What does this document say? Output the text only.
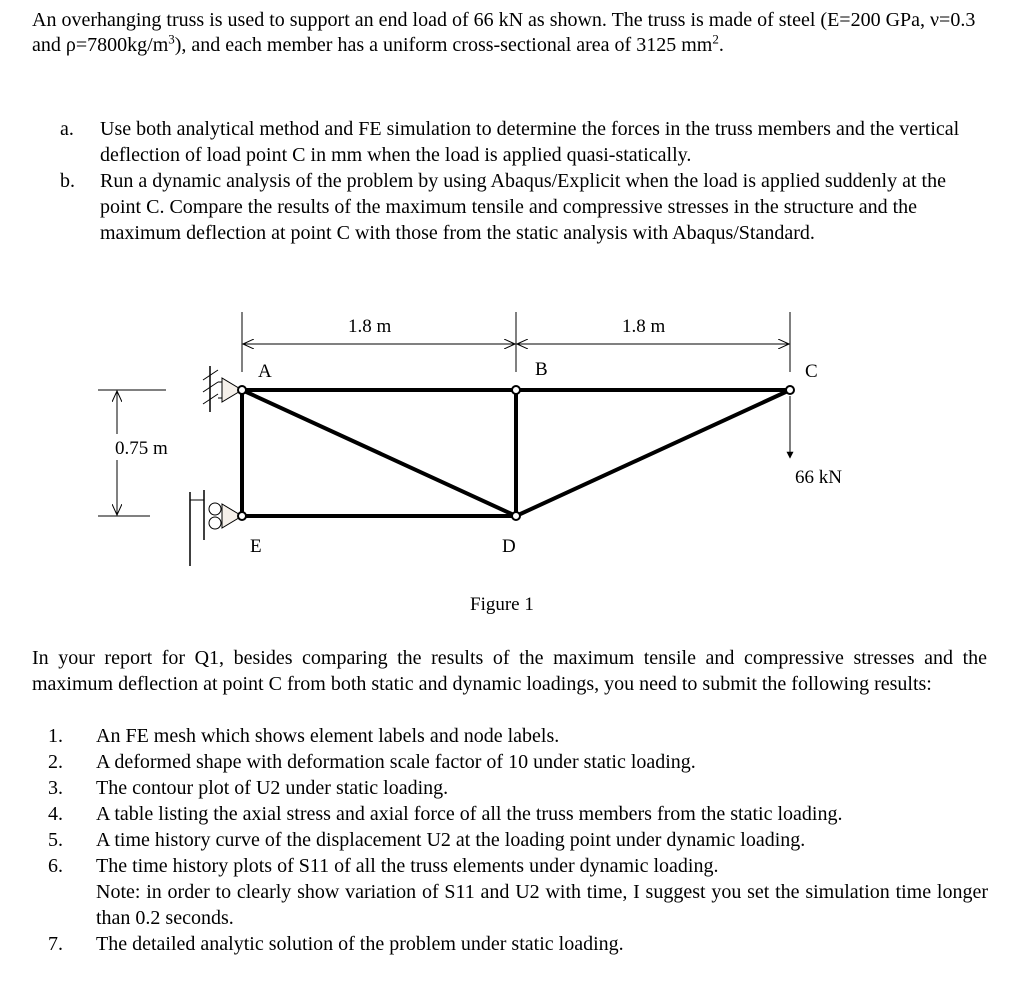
An overhanging truss is used to support an end load of 66 kN as shown. The truss is made of steel (E=200 GPa, ν=0.3 and $\rho=7800kg/m^3$), and each member has a uniform cross-sectional area of 3125 $mm^2$.
a.	Use both analytical method and FE simulation to determine the forces in the truss members and the vertical deflection of load point C in mm when the load is applied quasi-statically.
b.	Run a dynamic analysis of the problem by using Abaqus/Explicit when the load is applied suddenly at the point C. Compare the results of the maximum tensile and compressive stresses in the structure and the maximum deflection at point C with those from the static analysis with Abaqus/Standard.
1.8 m	1.8 m
0.75 m
A	B	C
D
E
66 kN
Figure 1
In your report for Q1, besides comparing the results of the maximum tensile and compressive stresses and the maximum deflection at point C from both static and dynamic loadings, you need to submit the following results:
1.	An FE mesh which shows element labels and node labels.
2.	A deformed shape with deformation scale factor of 10 under static loading.
3.	The contour plot of U2 under static loading.
4.	A table listing the axial stress and axial force of all the truss members from the static loading.
5.	A time history curve of the displacement U2 at the loading point under dynamic loading.
6.	The time history plots of S11 of all the truss elements under dynamic loading.
Note: in order to clearly show variation of S11 and U2 with time, I suggest you set the simulation time longer than 0.2 seconds.
7.	The detailed analytic solution of the problem under static loading.
